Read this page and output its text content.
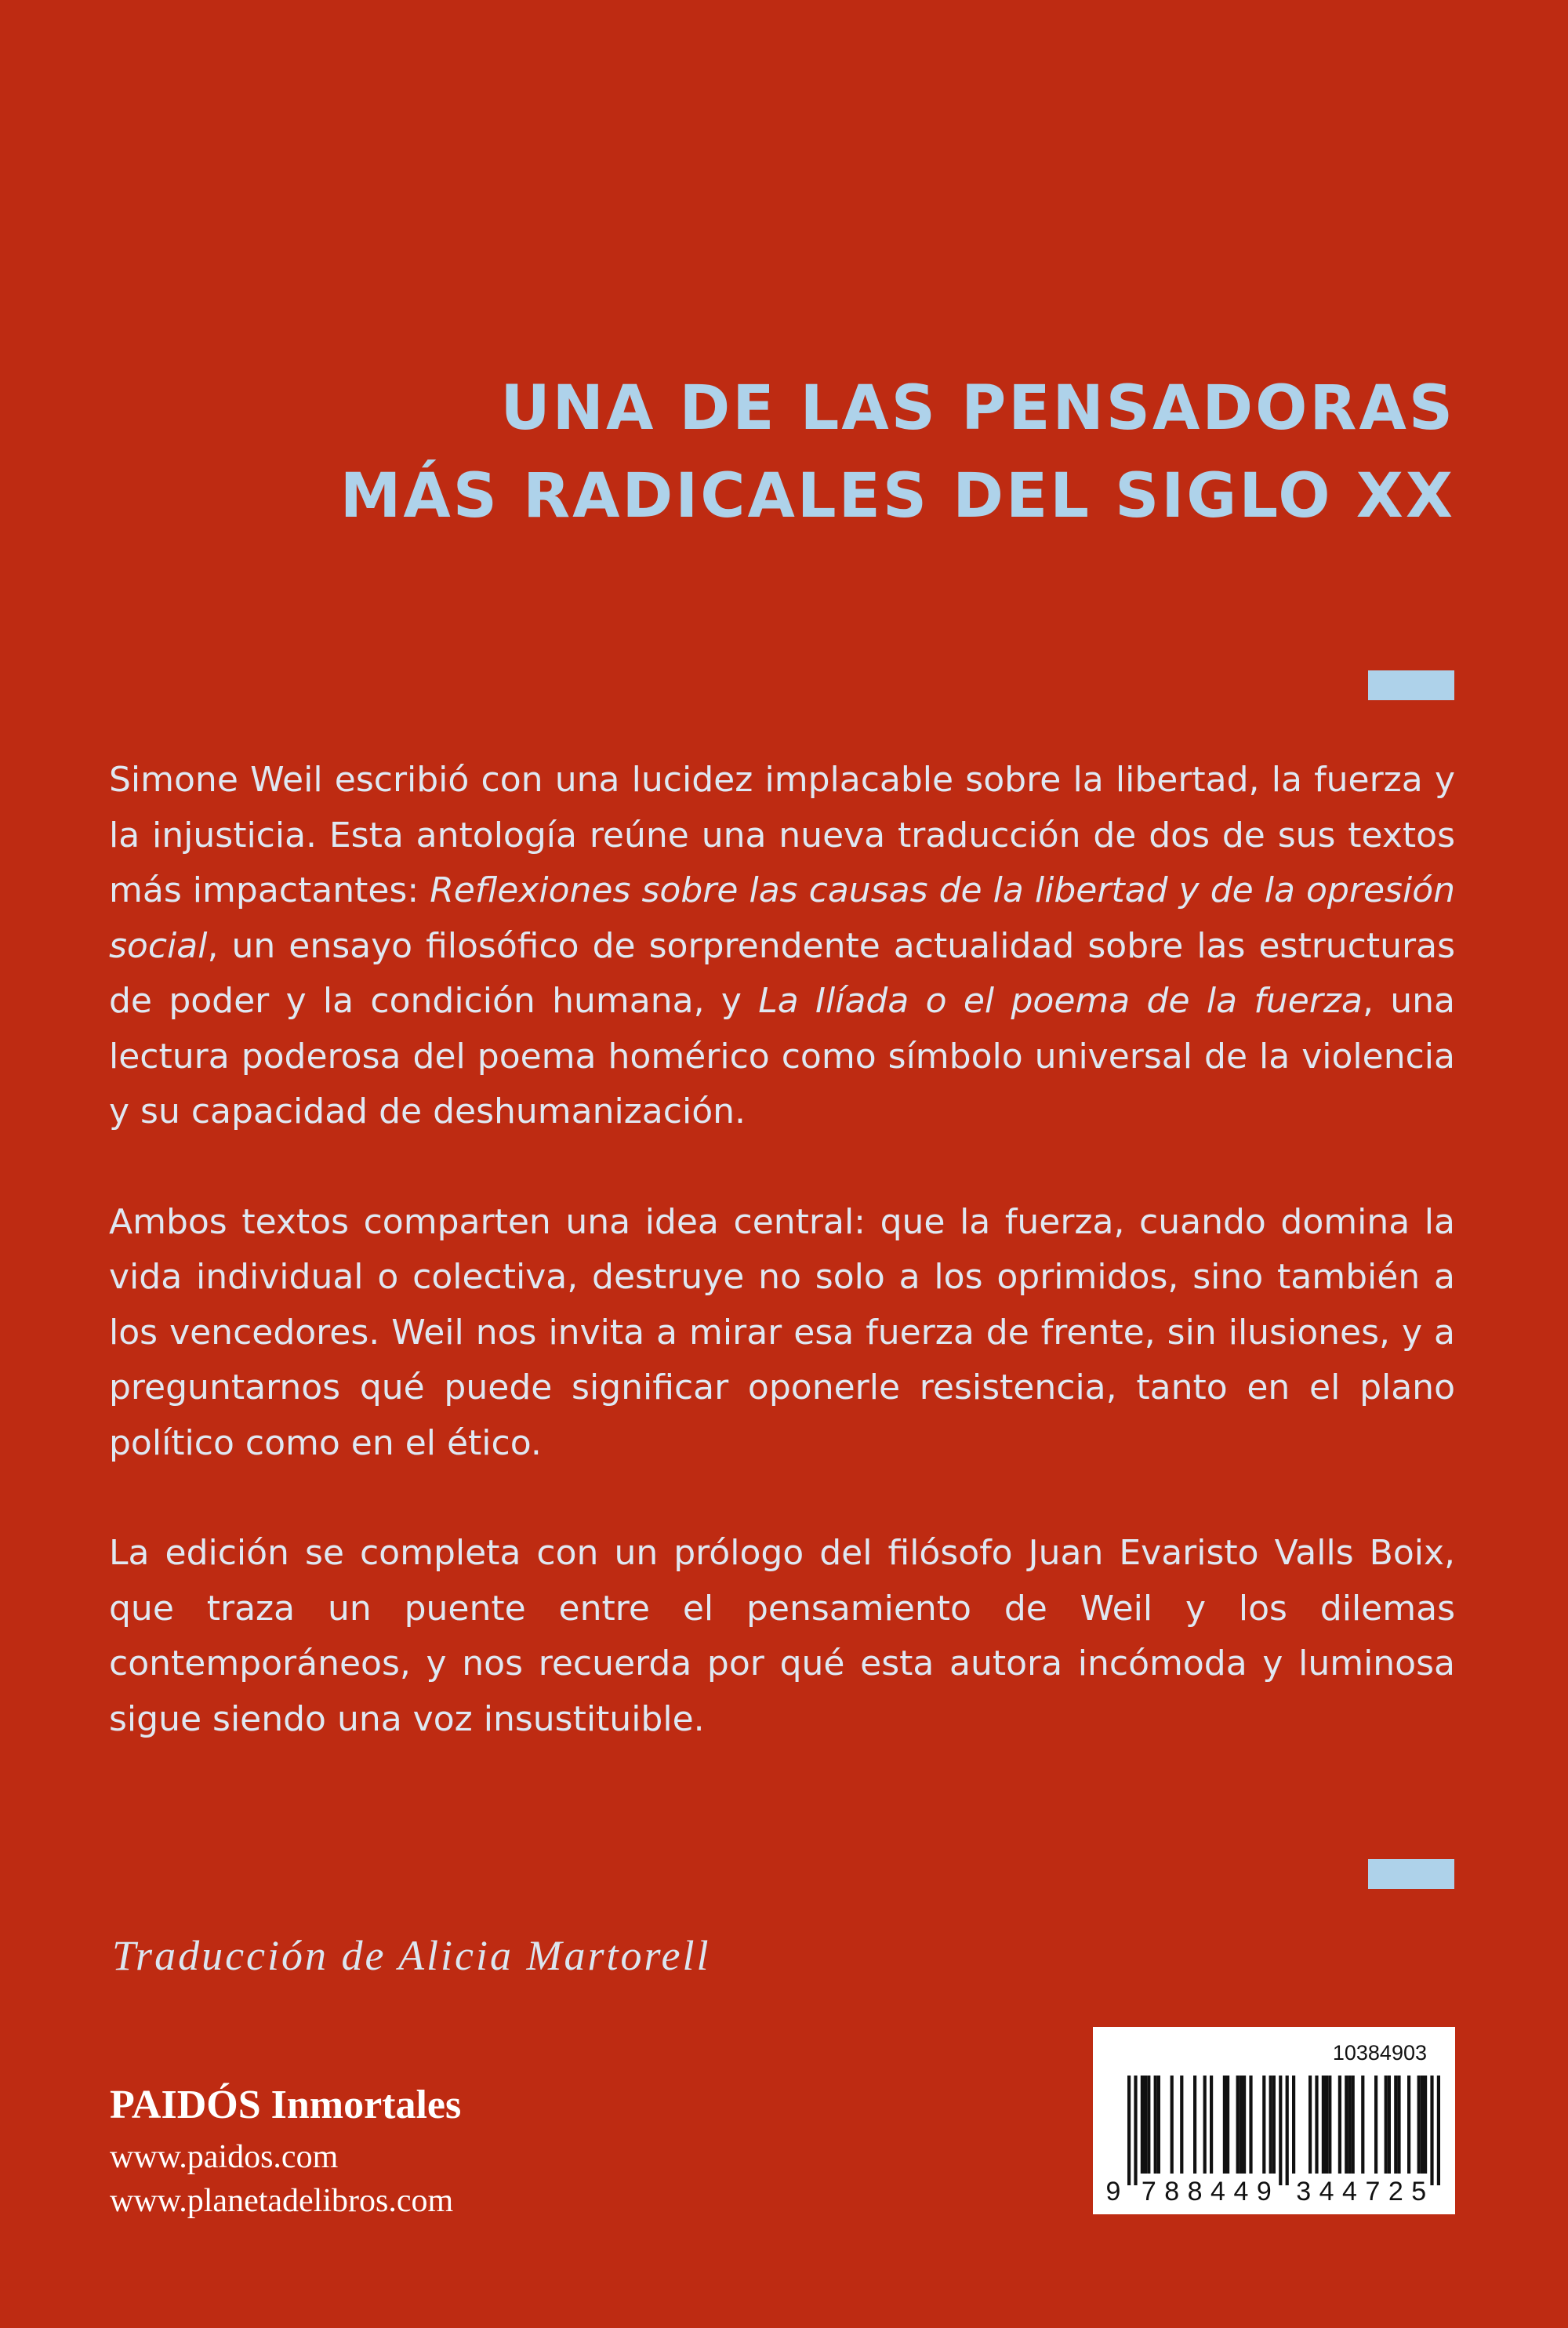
UNA DE LAS PENSADORAS
MÁS RADICALES DEL SIGLO XX

Simone Weil escribió con una lucidez implacable sobre la libertad, la fuerza y la injusticia. Esta antología reúne una nueva traducción de dos de sus textos más impactantes: Reflexiones sobre las causas de la libertad y de la opresión social, un ensayo filosófico de sorprendente actualidad sobre las estructuras de poder y la condición humana, y La Ilíada o el poema de la fuerza, una lectura poderosa del poema homérico como símbolo universal de la violencia y su capacidad de deshumanización.

Ambos textos comparten una idea central: que la fuerza, cuando domina la vida individual o colectiva, destruye no solo a los oprimidos, sino también a los vencedores. Weil nos invita a mirar esa fuerza de frente, sin ilusiones, y a preguntarnos qué puede significar oponerle resistencia, tanto en el plano político como en el ético.

La edición se completa con un prólogo del filósofo Juan Evaristo Valls Boix, que traza un puente entre el pensamiento de Weil y los dilemas contemporáneos, y nos recuerda por qué esta autora incómoda y luminosa sigue siendo una voz insustituible.

Traducción de Alicia Martorell
PAIDÓS Inmortales
www.paidos.com
www.planetadelibros.com
10384903
9 7 8 8 4 4 9 3 4 4 7 2 5
